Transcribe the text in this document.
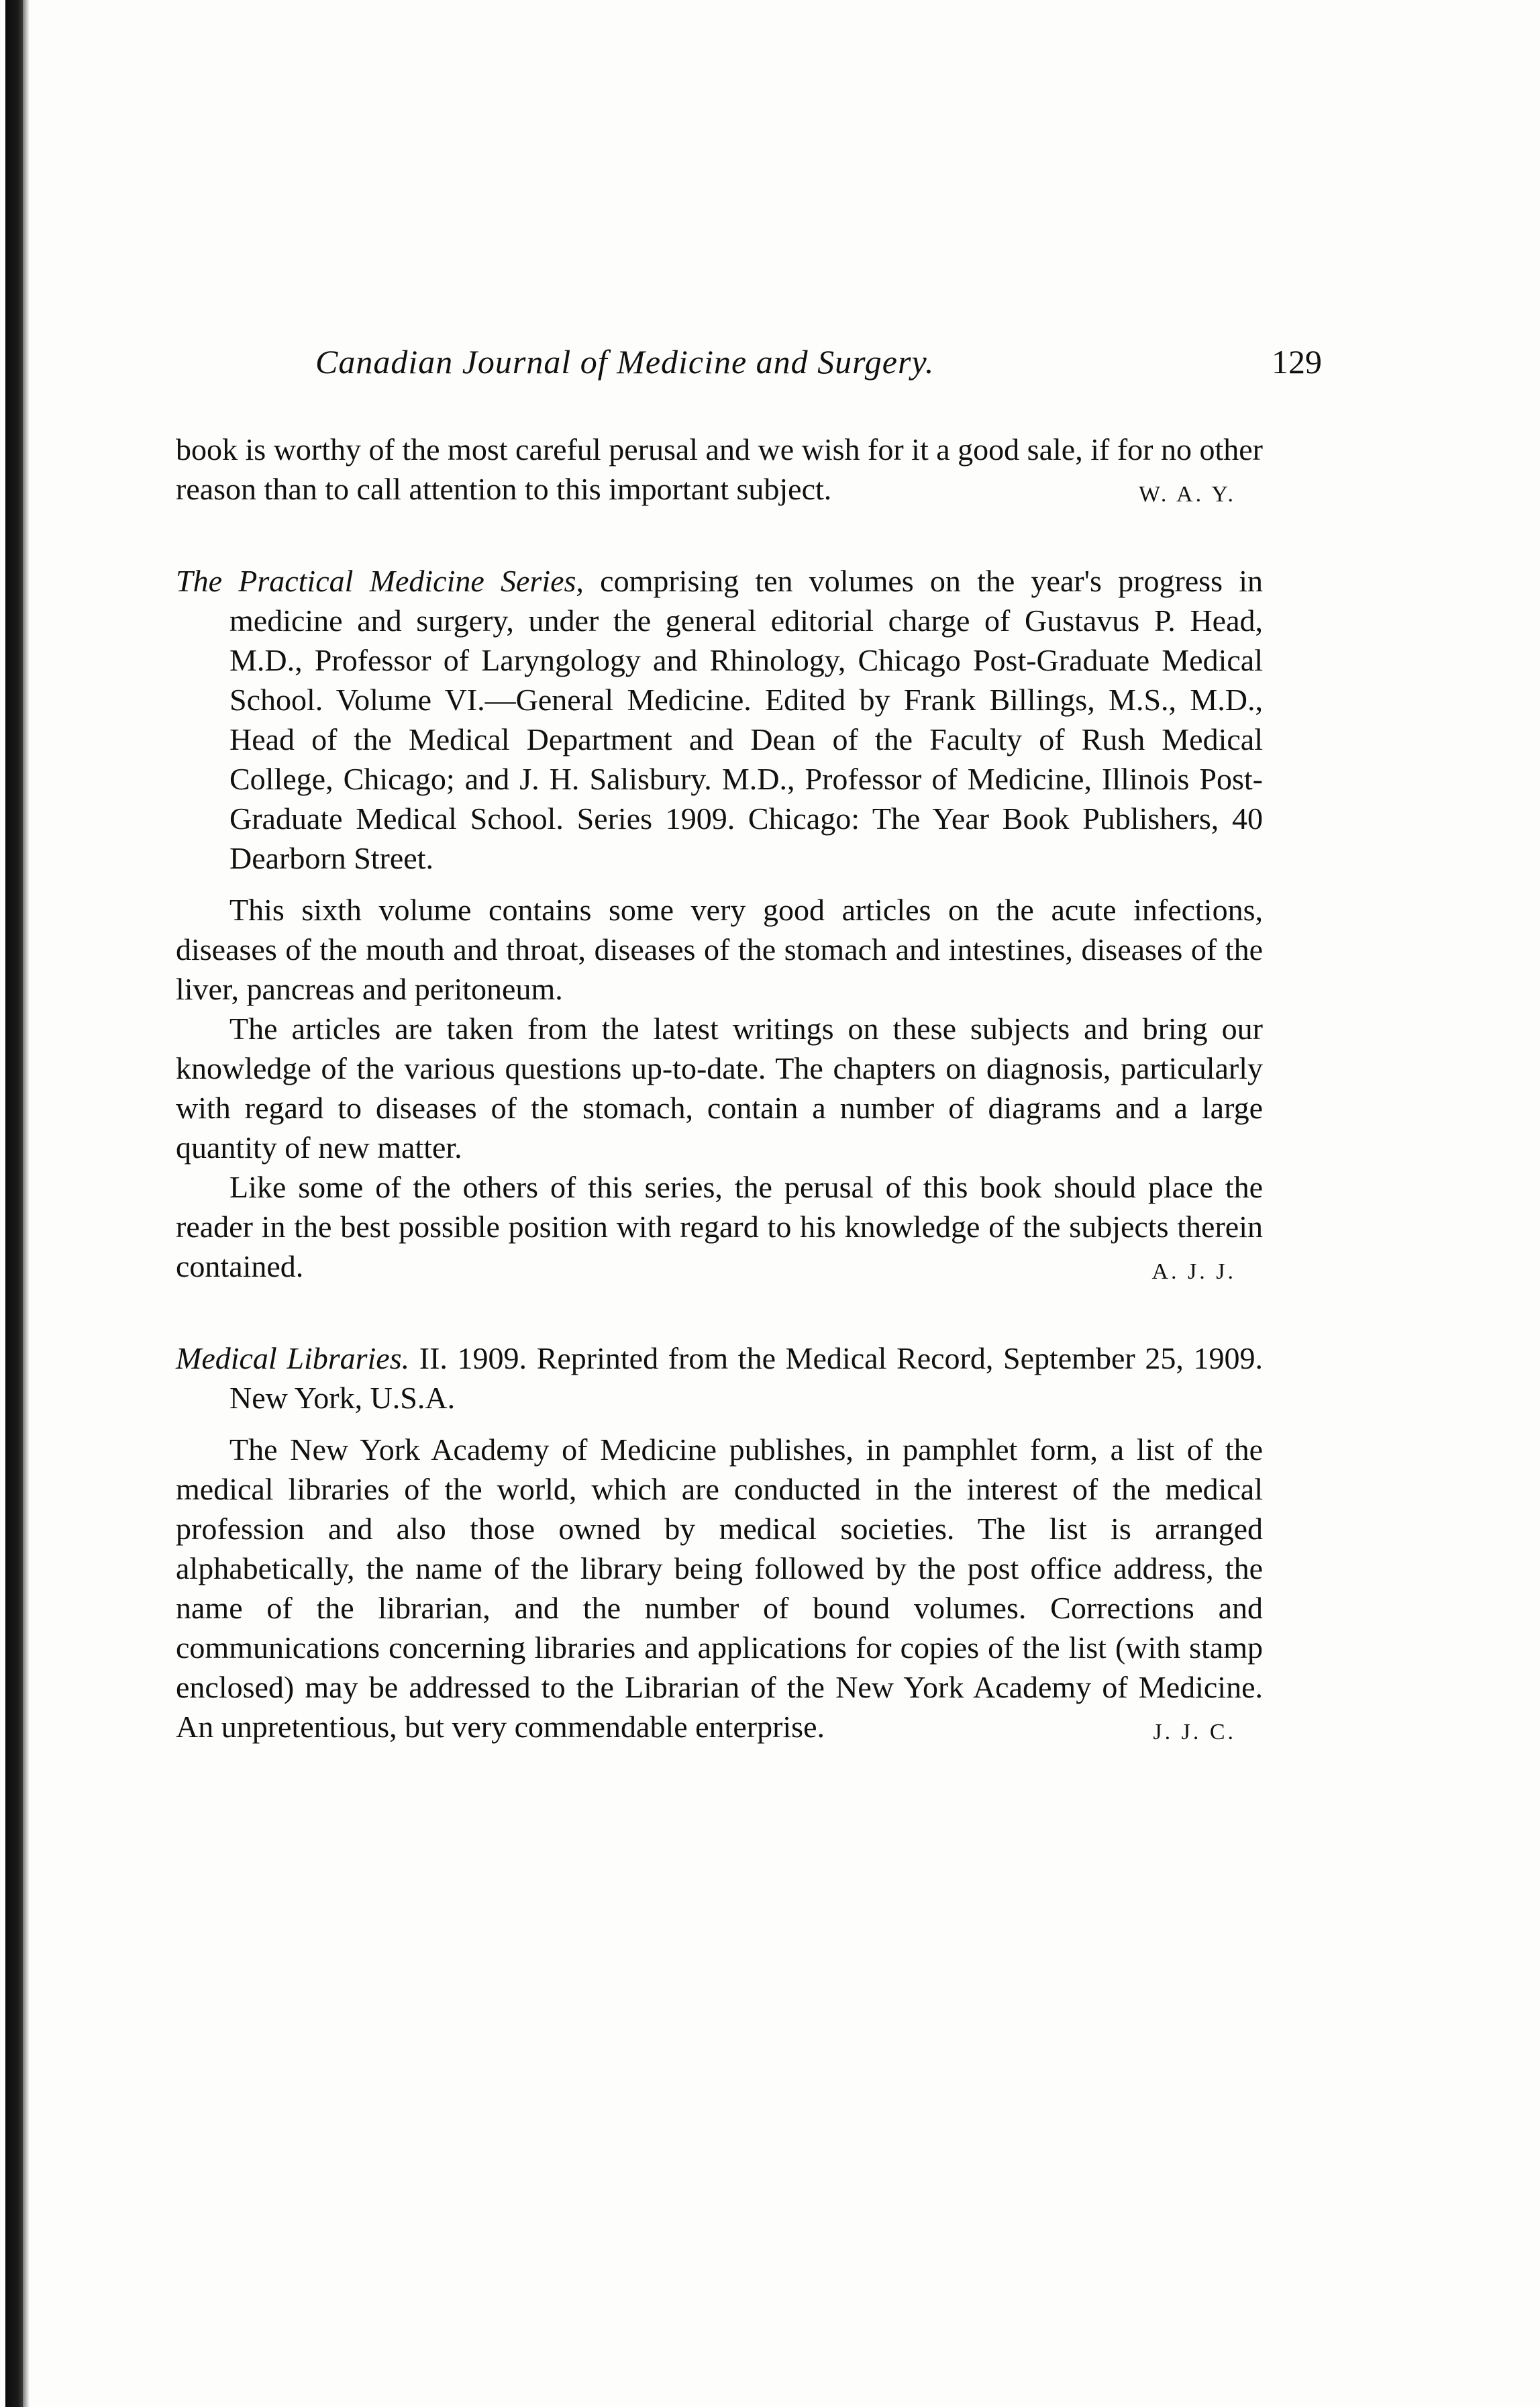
Canadian Journal of Medicine and Surgery.	129

book is worthy of the most careful perusal and we wish for it a good sale, if for no other reason than to call attention to this important subject.	W. A. Y.

The Practical Medicine Series, comprising ten volumes on the year's progress in medicine and surgery, under the general editorial charge of Gustavus P. Head, M.D., Professor of Laryngology and Rhinology, Chicago Post-Graduate Medical School. Volume VI.—General Medicine. Edited by Frank Billings, M.S., M.D., Head of the Medical Department and Dean of the Faculty of Rush Medical College, Chicago; and J. H. Salisbury. M.D., Professor of Medicine, Illinois Post-Graduate Medical School. Series 1909. Chicago: The Year Book Publishers, 40 Dearborn Street.

This sixth volume contains some very good articles on the acute infections, diseases of the mouth and throat, diseases of the stomach and intestines, diseases of the liver, pancreas and peritoneum.

The articles are taken from the latest writings on these subjects and bring our knowledge of the various questions up-to-date. The chapters on diagnosis, particularly with regard to diseases of the stomach, contain a number of diagrams and a large quantity of new matter.

Like some of the others of this series, the perusal of this book should place the reader in the best possible position with regard to his knowledge of the subjects therein contained.	A. J. J.

Medical Libraries. II. 1909. Reprinted from the Medical Record, September 25, 1909. New York, U.S.A.

The New York Academy of Medicine publishes, in pamphlet form, a list of the medical libraries of the world, which are conducted in the interest of the medical profession and also those owned by medical societies. The list is arranged alphabetically, the name of the library being followed by the post office address, the name of the librarian, and the number of bound volumes. Corrections and communications concerning libraries and applications for copies of the list (with stamp enclosed) may be addressed to the Librarian of the New York Academy of Medicine. An unpretentious, but very commendable enterprise.	J. J. C.
